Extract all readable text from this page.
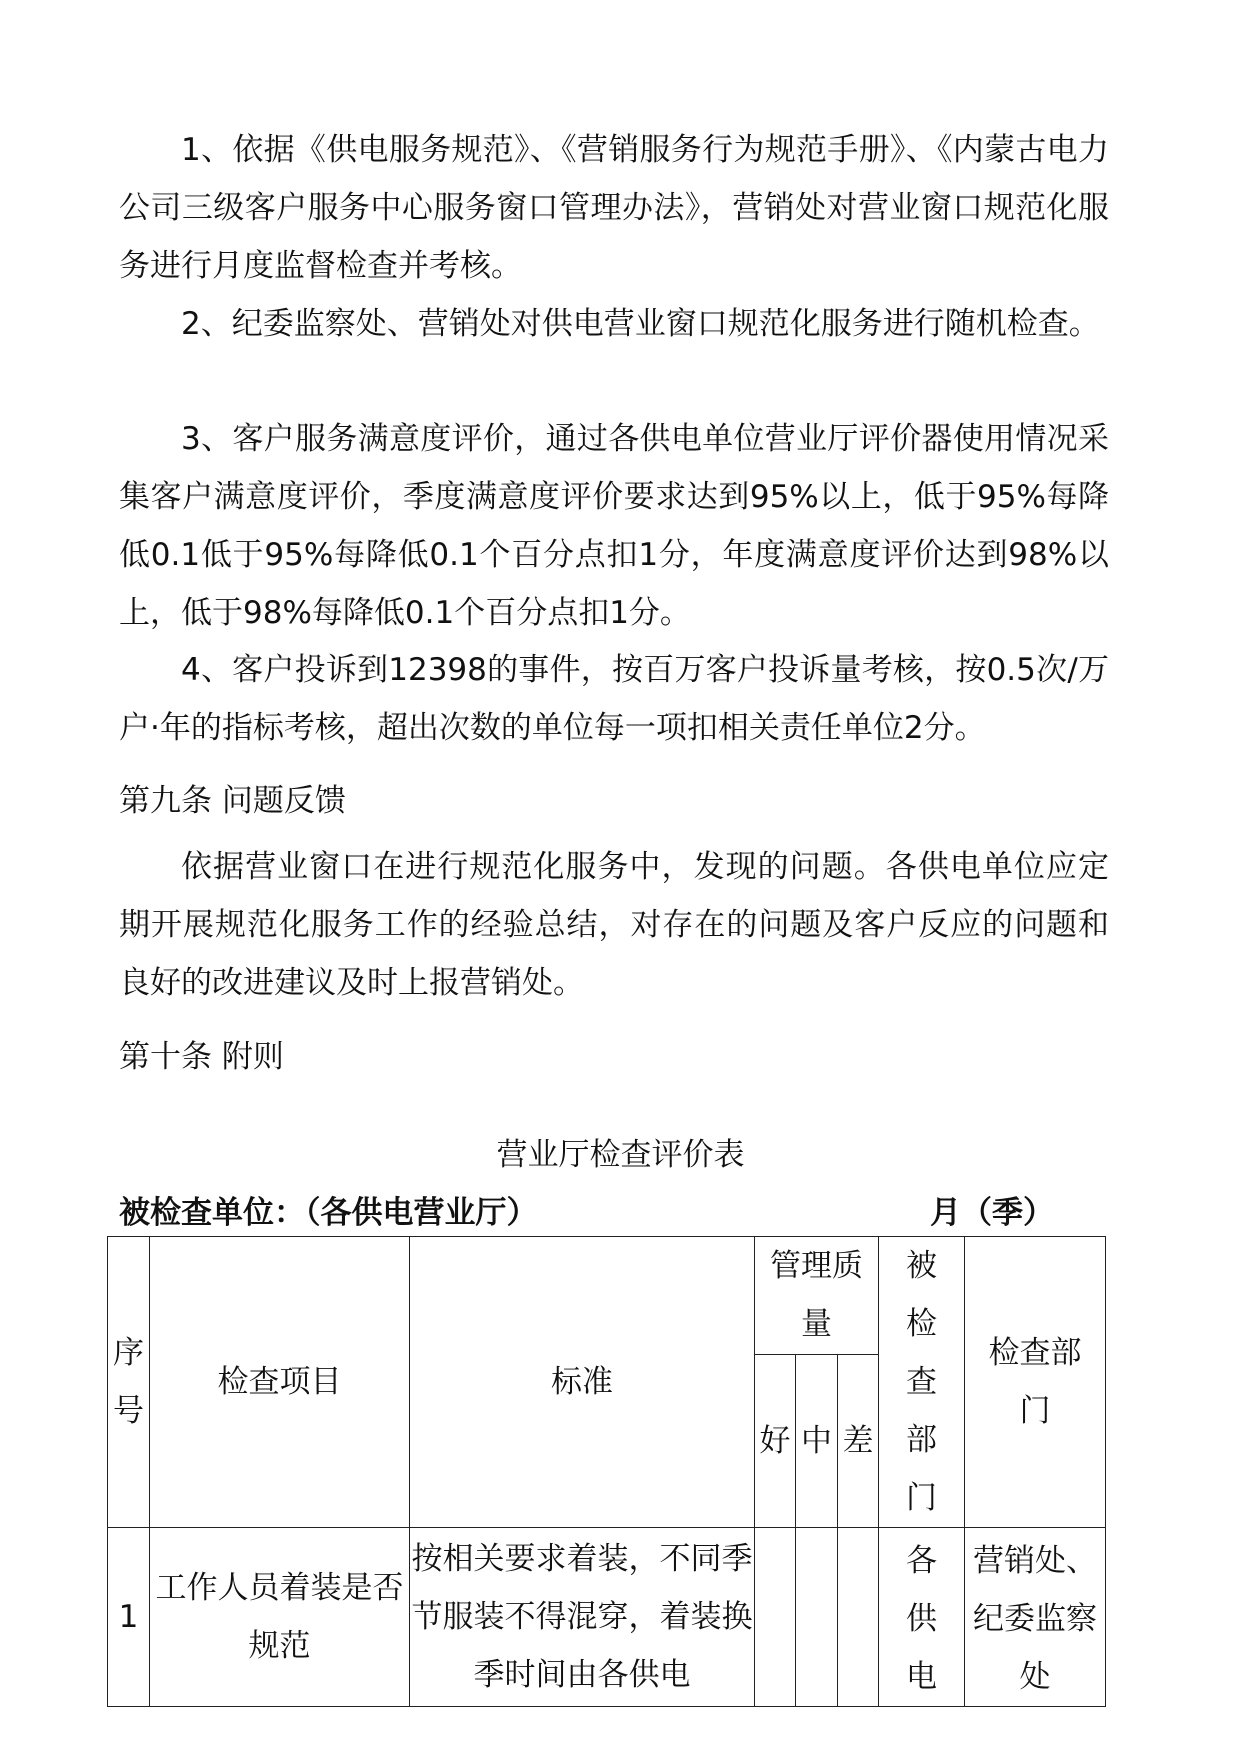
1、依据《供电服务规范》、《营销服务行为规范手册》、《内蒙古电力公司三级客户服务中心服务窗口管理办法》，营销处对营业窗口规范化服务进行月度监督检查并考核。

2、纪委监察处、营销处对供电营业窗口规范化服务进行随机检查。

3、客户服务满意度评价，通过各供电单位营业厅评价器使用情况采集客户满意度评价，季度满意度评价要求达到95%以上，低于95%每降低0.1低于95%每降低0.1个百分点扣1分，年度满意度评价达到98%以上，低于98%每降低0.1个百分点扣1分。

4、客户投诉到12398的事件，按百万客户投诉量考核，按0.5次/万户·年的指标考核，超出次数的单位每一项扣相关责任单位2分。

第九条 问题反馈

依据营业窗口在进行规范化服务中，发现的问题。各供电单位应定期开展规范化服务工作的经验总结，对存在的问题及客户反应的问题和良好的改进建议及时上报营销处。

第十条 附则

营业厅检查评价表
被检查单位：（各供电营业厅）	月（季）
序号	检查项目	标准	管理质量			被检查部门	检查部门
			好	中	差		
1	工作人员着装是否规范	按相关要求着装，不同季节服装不得混穿，着装换季时间由各供电				各供电	营销处、纪委监察处
